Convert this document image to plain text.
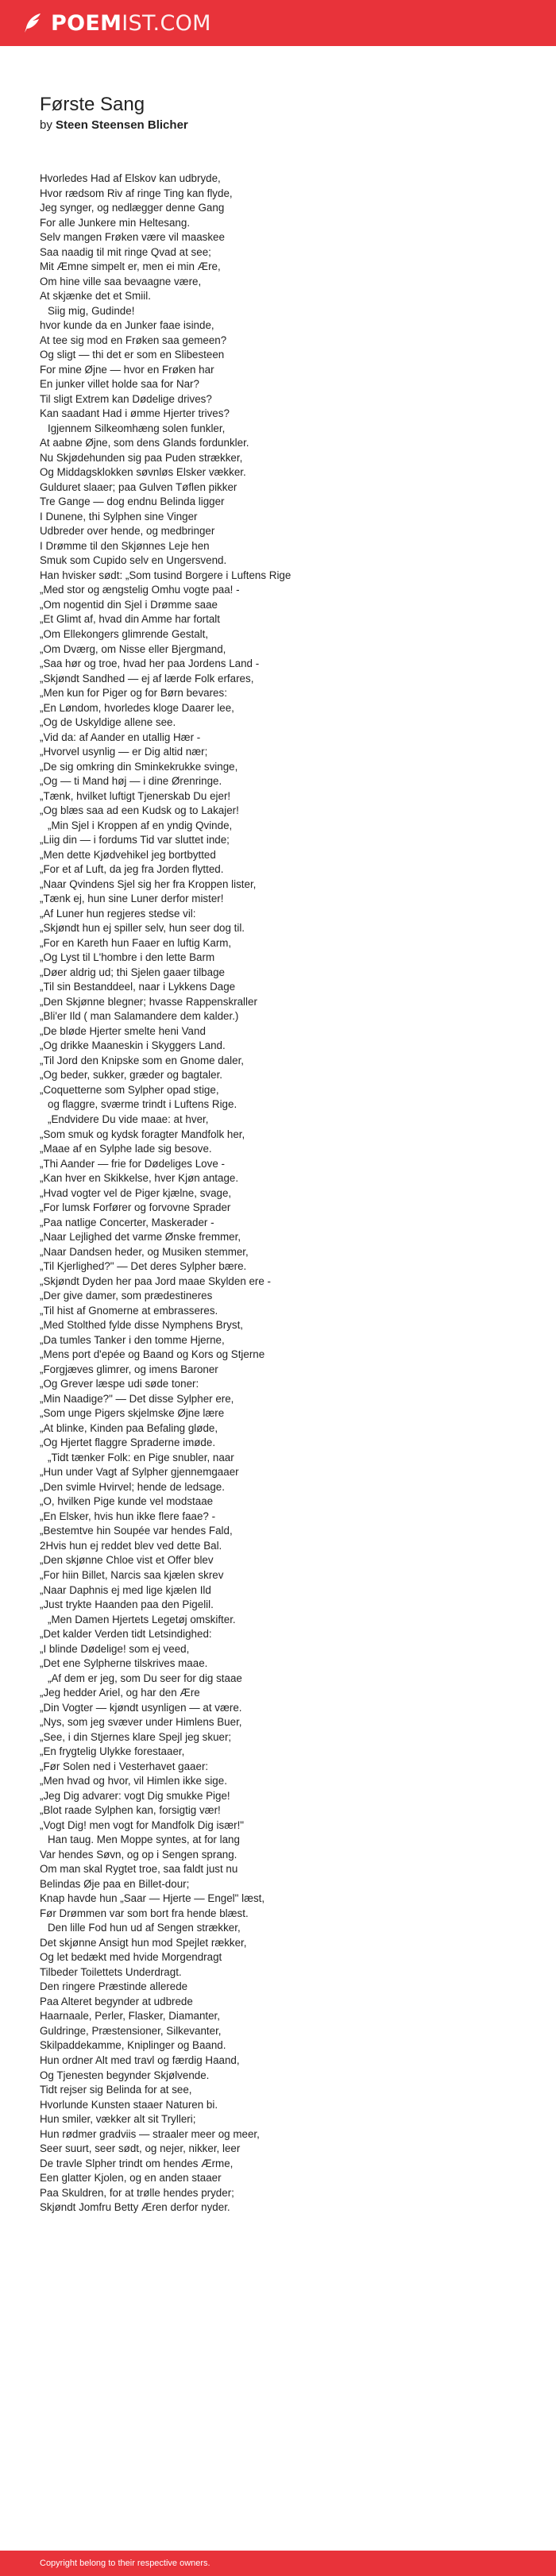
POEMIST.COM
Første Sang

by Steen Steensen Blicher

Hvorledes Had af Elskov kan udbryde,
Hvor rædsom Riv af ringe Ting kan flyde,
Jeg synger, og nedlægger denne Gang
For alle Junkere min Heltesang.
Selv mangen Frøken være vil maaskee
Saa naadig til mit ringe Qvad at see;
Mit Æmne simpelt er, men ei min Ære,
Om hine ville saa bevaagne være,
At skjænke det et Smiil.
Siig mig, Gudinde!
hvor kunde da en Junker faae isinde,
At tee sig mod en Frøken saa gemeen?
Og sligt — thi det er som en Slibesteen
For mine Øjne — hvor en Frøken har
En junker villet holde saa for Nar?
Til sligt Extrem kan Dødelige drives?
Kan saadant Had i ømme Hjerter trives?
Igjennem Silkeomhæng solen funkler,
At aabne Øjne, som dens Glands fordunkler.
Nu Skjødehunden sig paa Puden strækker,
Og Middagsklokken søvnløs Elsker vækker.
Gulduret slaaer; paa Gulven Tøflen pikker
Tre Gange — dog endnu Belinda ligger
I Dunene, thi Sylphen sine Vinger
Udbreder over hende, og medbringer
I Drømme til den Skjønnes Leje hen
Smuk som Cupido selv en Ungersvend.
Han hvisker sødt: „Som tusind Borgere i Luftens Rige
„Med stor og ængstelig Omhu vogte paa! -
„Om nogentid din Sjel i Drømme saae
„Et Glimt af, hvad din Amme har fortalt
„Om Ellekongers glimrende Gestalt,
„Om Dværg, om Nisse eller Bjergmand,
„Saa hør og troe, hvad her paa Jordens Land -
„Skjøndt Sandhed — ej af lærde Folk erfares,
„Men kun for Piger og for Børn bevares:
„En Løndom, hvorledes kloge Daarer lee,
„Og de Uskyldige allene see.
„Vid da: af Aander en utallig Hær -
„Hvorvel usynlig — er Dig altid nær;
„De sig omkring din Sminkekrukke svinge,
„Og — ti Mand høj — i dine Ørenringe.
„Tænk, hvilket luftigt Tjenerskab Du ejer!
„Og blæs saa ad een Kudsk og to Lakajer!
„Min Sjel i Kroppen af en yndig Qvinde,
„Liig din — i fordums Tid var sluttet inde;
„Men dette Kjødvehikel jeg bortbytted
„For et af Luft, da jeg fra Jorden flytted.
„Naar Qvindens Sjel sig her fra Kroppen lister,
„Tænk ej, hun sine Luner derfor mister!
„Af Luner hun regjeres stedse vil:
„Skjøndt hun ej spiller selv, hun seer dog til.
„For en Kareth hun Faaer en luftig Karm,
„Og Lyst til L'hombre i den lette Barm
„Døer aldrig ud; thi Sjelen gaaer tilbage
„Til sin Bestanddeel, naar i Lykkens Dage
„Den Skjønne blegner; hvasse Rappenskraller
„Bli'er Ild ( man Salamandere dem kalder.)
„De bløde Hjerter smelte heni Vand
„Og drikke Maaneskin i Skyggers Land.
„Til Jord den Knipske som en Gnome daler,
„Og beder, sukker, græder og bagtaler.
„Coquetterne som Sylpher opad stige,
og flaggre, sværme trindt i Luftens Rige.
„Endvidere Du vide maae: at hver,
„Som smuk og kydsk foragter Mandfolk her,
„Maae af en Sylphe lade sig besove.
„Thi Aander — frie for Dødeliges Love -
„Kan hver en Skikkelse, hver Kjøn antage.
„Hvad vogter vel de Piger kjælne, svage,
„For lumsk Forfører og forvovne Sprader
„Paa natlige Concerter, Maskerader -
„Naar Lejlighed det varme Ønske fremmer,
„Naar Dandsen heder, og Musiken stemmer,
„Til Kjerlighed?" — Det deres Sylpher bære.
„Skjøndt Dyden her paa Jord maae Skylden ere -
„Der give damer, som prædestineres
„Til hist af Gnomerne at embrasseres.
„Med Stolthed fylde disse Nymphens Bryst,
„Da tumles Tanker i den tomme Hjerne,
„Mens port d'epée og Baand og Kors og Stjerne
„Forgjæves glimrer, og imens Baroner
„Og Grever læspe udi søde toner:
„Min Naadige?" — Det disse Sylpher ere,
„Som unge Pigers skjelmske Øjne lære
„At blinke, Kinden paa Befaling gløde,
„Og Hjertet flaggre Spraderne imøde.
„Tidt tænker Folk: en Pige snubler, naar
„Hun under Vagt af Sylpher gjennemgaaer
„Den svimle Hvirvel; hende de ledsage.
„O, hvilken Pige kunde vel modstaae
„En Elsker, hvis hun ikke flere faae? -
„Bestemtve hin Soupée var hendes Fald,
2Hvis hun ej reddet blev ved dette Bal.
„Den skjønne Chloe vist et Offer blev
„For hiin Billet, Narcis saa kjælen skrev
„Naar Daphnis ej med lige kjælen Ild
„Just trykte Haanden paa den Pigelil.
„Men Damen Hjertets Legetøj omskifter.
„Det kalder Verden tidt Letsindighed:
„I blinde Dødelige! som ej veed,
„Det ene Sylpherne tilskrives maae.
„Af dem er jeg, som Du seer for dig staae
„Jeg hedder Ariel, og har den Ære
„Din Vogter — kjøndt usynligen — at være.
„Nys, som jeg svæver under Himlens Buer,
„See, i din Stjernes klare Spejl jeg skuer;
„En frygtelig Ulykke forestaaer,
„Før Solen ned i Vesterhavet gaaer:
„Men hvad og hvor, vil Himlen ikke sige.
„Jeg Dig advarer: vogt Dig smukke Pige!
„Blot raade Sylphen kan, forsigtig vær!
„Vogt Dig! men vogt for Mandfolk Dig især!"
Han taug. Men Moppe syntes, at for lang
Var hendes Søvn, og op i Sengen sprang.
Om man skal Rygtet troe, saa faldt just nu
Belindas Øje paa en Billet-dour;
Knap havde hun „Saar — Hjerte — Engel" læst,
Før Drømmen var som bort fra hende blæst.
Den lille Fod hun ud af Sengen strækker,
Det skjønne Ansigt hun mod Spejlet rækker,
Og let bedækt med hvide Morgendragt
Tilbeder Toilettets Underdragt.
Den ringere Præstinde allerede
Paa Alteret begynder at udbrede
Haarnaale, Perler, Flasker, Diamanter,
Guldringe, Præstensioner, Silkevanter,
Skilpaddekamme, Kniplinger og Baand.
Hun ordner Alt med travl og færdig Haand,
Og Tjenesten begynder Skjølvende.
Tidt rejser sig Belinda for at see,
Hvorlunde Kunsten staaer Naturen bi.
Hun smiler, vækker alt sit Trylleri;
Hun rødmer gradviis — straaler meer og meer,
Seer suurt, seer sødt, og nejer, nikker, leer
De travle Slpher trindt om hendes Ærme,
Een glatter Kjolen, og en anden staaer
Paa Skuldren, for at trølle hendes pryder;
Skjøndt Jomfru Betty Æren derfor nyder.
Copyright belong to their respective owners.
